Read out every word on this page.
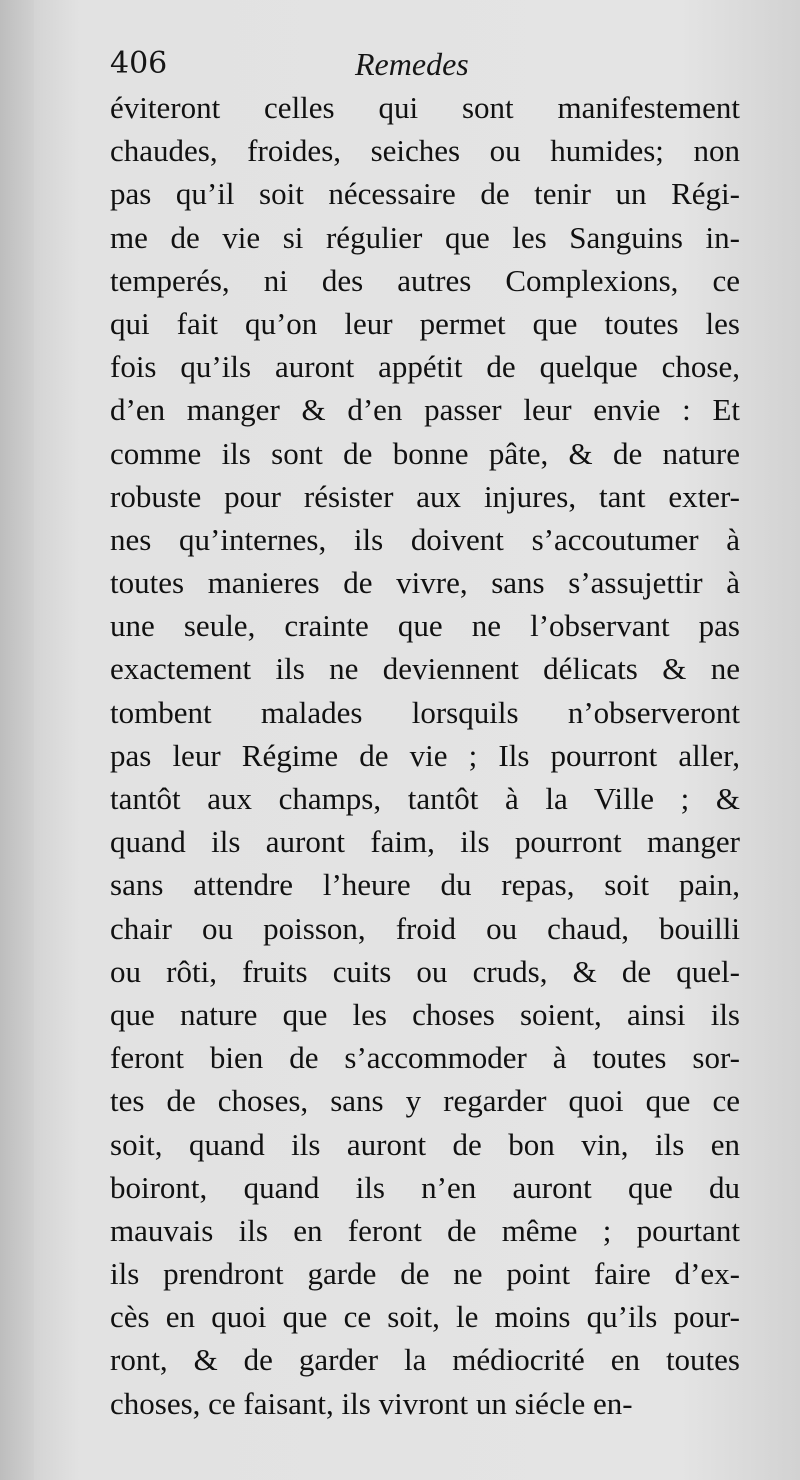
406	Remedes
éviteront celles qui sont manifestement
chaudes, froides, seiches ou humides; non
pas qu’il soit nécessaire de tenir un Régi-
me de vie si régulier que les Sanguins in-
temperés, ni des autres Complexions, ce
qui fait qu’on leur permet que toutes les
fois qu’ils auront appétit de quelque chose,
d’en manger & d’en passer leur envie : Et
comme ils sont de bonne pâte, & de nature
robuste pour résister aux injures, tant exter-
nes qu’internes, ils doivent s’accoutumer à
toutes manieres de vivre, sans s’assujettir à
une seule, crainte que ne l’observant pas
exactement ils ne deviennent délicats & ne
tombent malades lorsquils n’observeront
pas leur Régime de vie ; Ils pourront aller,
tantôt aux champs, tantôt à la Ville ; &
quand ils auront faim, ils pourront manger
sans attendre l’heure du repas, soit pain,
chair ou poisson, froid ou chaud, bouilli
ou rôti, fruits cuits ou cruds, & de quel-
que nature que les choses soient, ainsi ils
feront bien de s’accommoder à toutes sor-
tes de choses, sans y regarder quoi que ce
soit, quand ils auront de bon vin, ils en
boiront, quand ils n’en auront que du
mauvais ils en feront de même ; pourtant
ils prendront garde de ne point faire d’ex-
cès en quoi que ce soit, le moins qu’ils pour-
ront, & de garder la médiocrité en toutes
choses, ce faisant, ils vivront un siécle en-
